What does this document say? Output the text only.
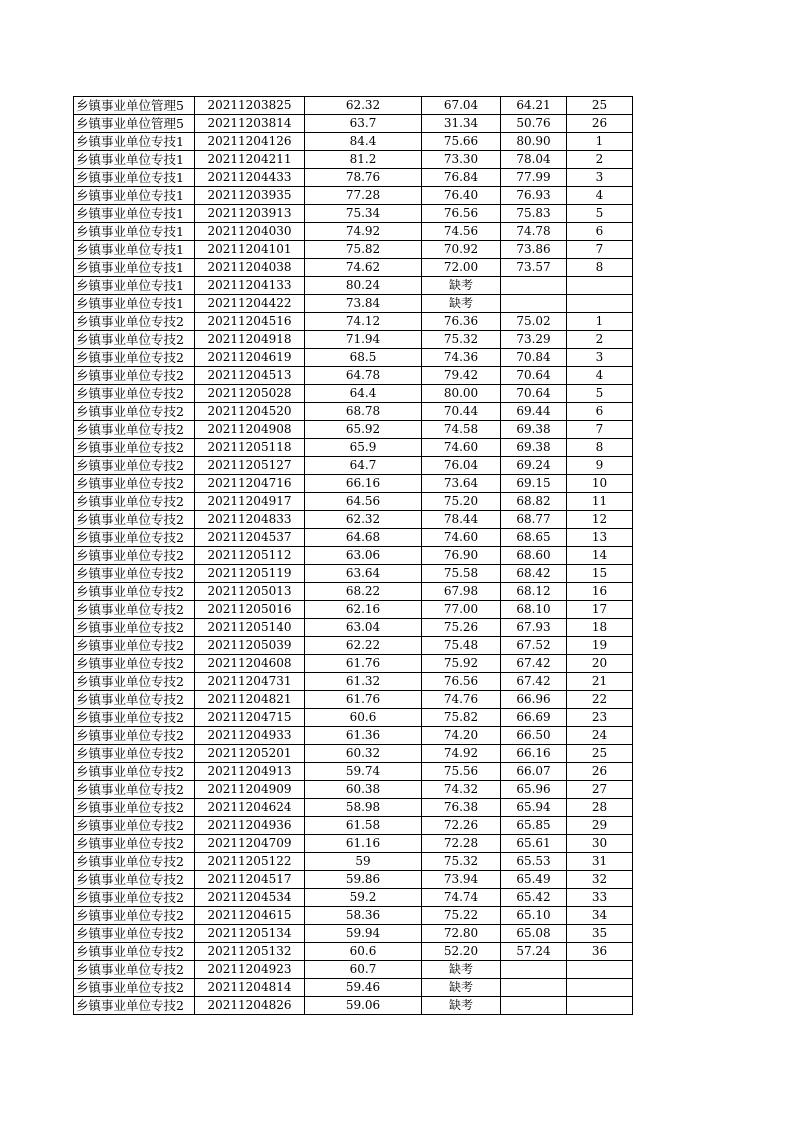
乡镇事业单位管理5	20211203825	62.32	67.04	64.21	25
乡镇事业单位管理5	20211203814	63.7	31.34	50.76	26
乡镇事业单位专技1	20211204126	84.4	75.66	80.90	1
乡镇事业单位专技1	20211204211	81.2	73.30	78.04	2
乡镇事业单位专技1	20211204433	78.76	76.84	77.99	3
乡镇事业单位专技1	20211203935	77.28	76.40	76.93	4
乡镇事业单位专技1	20211203913	75.34	76.56	75.83	5
乡镇事业单位专技1	20211204030	74.92	74.56	74.78	6
乡镇事业单位专技1	20211204101	75.82	70.92	73.86	7
乡镇事业单位专技1	20211204038	74.62	72.00	73.57	8
乡镇事业单位专技1	20211204133	80.24	缺考		
乡镇事业单位专技1	20211204422	73.84	缺考		
乡镇事业单位专技2	20211204516	74.12	76.36	75.02	1
乡镇事业单位专技2	20211204918	71.94	75.32	73.29	2
乡镇事业单位专技2	20211204619	68.5	74.36	70.84	3
乡镇事业单位专技2	20211204513	64.78	79.42	70.64	4
乡镇事业单位专技2	20211205028	64.4	80.00	70.64	5
乡镇事业单位专技2	20211204520	68.78	70.44	69.44	6
乡镇事业单位专技2	20211204908	65.92	74.58	69.38	7
乡镇事业单位专技2	20211205118	65.9	74.60	69.38	8
乡镇事业单位专技2	20211205127	64.7	76.04	69.24	9
乡镇事业单位专技2	20211204716	66.16	73.64	69.15	10
乡镇事业单位专技2	20211204917	64.56	75.20	68.82	11
乡镇事业单位专技2	20211204833	62.32	78.44	68.77	12
乡镇事业单位专技2	20211204537	64.68	74.60	68.65	13
乡镇事业单位专技2	20211205112	63.06	76.90	68.60	14
乡镇事业单位专技2	20211205119	63.64	75.58	68.42	15
乡镇事业单位专技2	20211205013	68.22	67.98	68.12	16
乡镇事业单位专技2	20211205016	62.16	77.00	68.10	17
乡镇事业单位专技2	20211205140	63.04	75.26	67.93	18
乡镇事业单位专技2	20211205039	62.22	75.48	67.52	19
乡镇事业单位专技2	20211204608	61.76	75.92	67.42	20
乡镇事业单位专技2	20211204731	61.32	76.56	67.42	21
乡镇事业单位专技2	20211204821	61.76	74.76	66.96	22
乡镇事业单位专技2	20211204715	60.6	75.82	66.69	23
乡镇事业单位专技2	20211204933	61.36	74.20	66.50	24
乡镇事业单位专技2	20211205201	60.32	74.92	66.16	25
乡镇事业单位专技2	20211204913	59.74	75.56	66.07	26
乡镇事业单位专技2	20211204909	60.38	74.32	65.96	27
乡镇事业单位专技2	20211204624	58.98	76.38	65.94	28
乡镇事业单位专技2	20211204936	61.58	72.26	65.85	29
乡镇事业单位专技2	20211204709	61.16	72.28	65.61	30
乡镇事业单位专技2	20211205122	59	75.32	65.53	31
乡镇事业单位专技2	20211204517	59.86	73.94	65.49	32
乡镇事业单位专技2	20211204534	59.2	74.74	65.42	33
乡镇事业单位专技2	20211204615	58.36	75.22	65.10	34
乡镇事业单位专技2	20211205134	59.94	72.80	65.08	35
乡镇事业单位专技2	20211205132	60.6	52.20	57.24	36
乡镇事业单位专技2	20211204923	60.7	缺考		
乡镇事业单位专技2	20211204814	59.46	缺考		
乡镇事业单位专技2	20211204826	59.06	缺考		
